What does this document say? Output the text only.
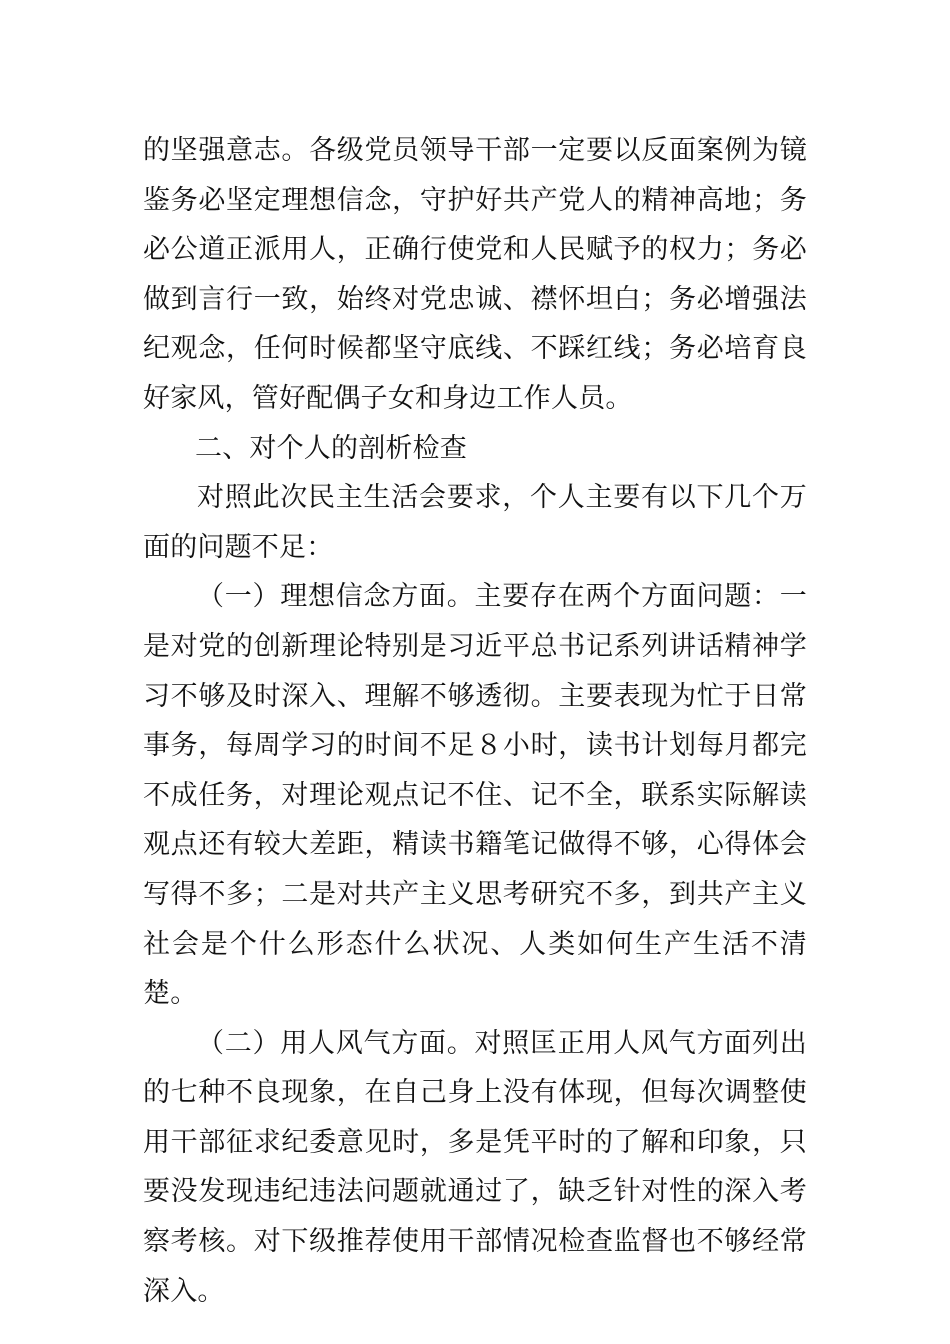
的坚强意志。各级党员领导干部一定要以反面案例为镜鉴务必坚定理想信念，守护好共产党人的精神高地；务必公道正派用人，正确行使党和人民赋予的权力；务必做到言行一致，始终对党忠诚、襟怀坦白；务必增强法纪观念，任何时候都坚守底线、不踩红线；务必培育良好家风，管好配偶子女和身边工作人员。

二、对个人的剖析检查

对照此次民主生活会要求，个人主要有以下几个万面的问题不足：

（一）理想信念方面。主要存在两个方面问题：一是对党的创新理论特别是习近平总书记系列讲话精神学习不够及时深入、理解不够透彻。主要表现为忙于日常事务，每周学习的时间不足８小时，读书计划每月都完不成任务，对理论观点记不住、记不全，联系实际解读观点还有较大差距，精读书籍笔记做得不够，心得体会写得不多；二是对共产主义思考研究不多，到共产主义社会是个什么形态什么状况、人类如何生产生活不清楚。

（二）用人风气方面。对照匡正用人风气方面列出的七种不良现象，在自己身上没有体现，但每次调整使用干部征求纪委意见时，多是凭平时的了解和印象，只要没发现违纪违法问题就通过了，缺乏针对性的深入考察考核。对下级推荐使用干部情况检查监督也不够经常深入。
